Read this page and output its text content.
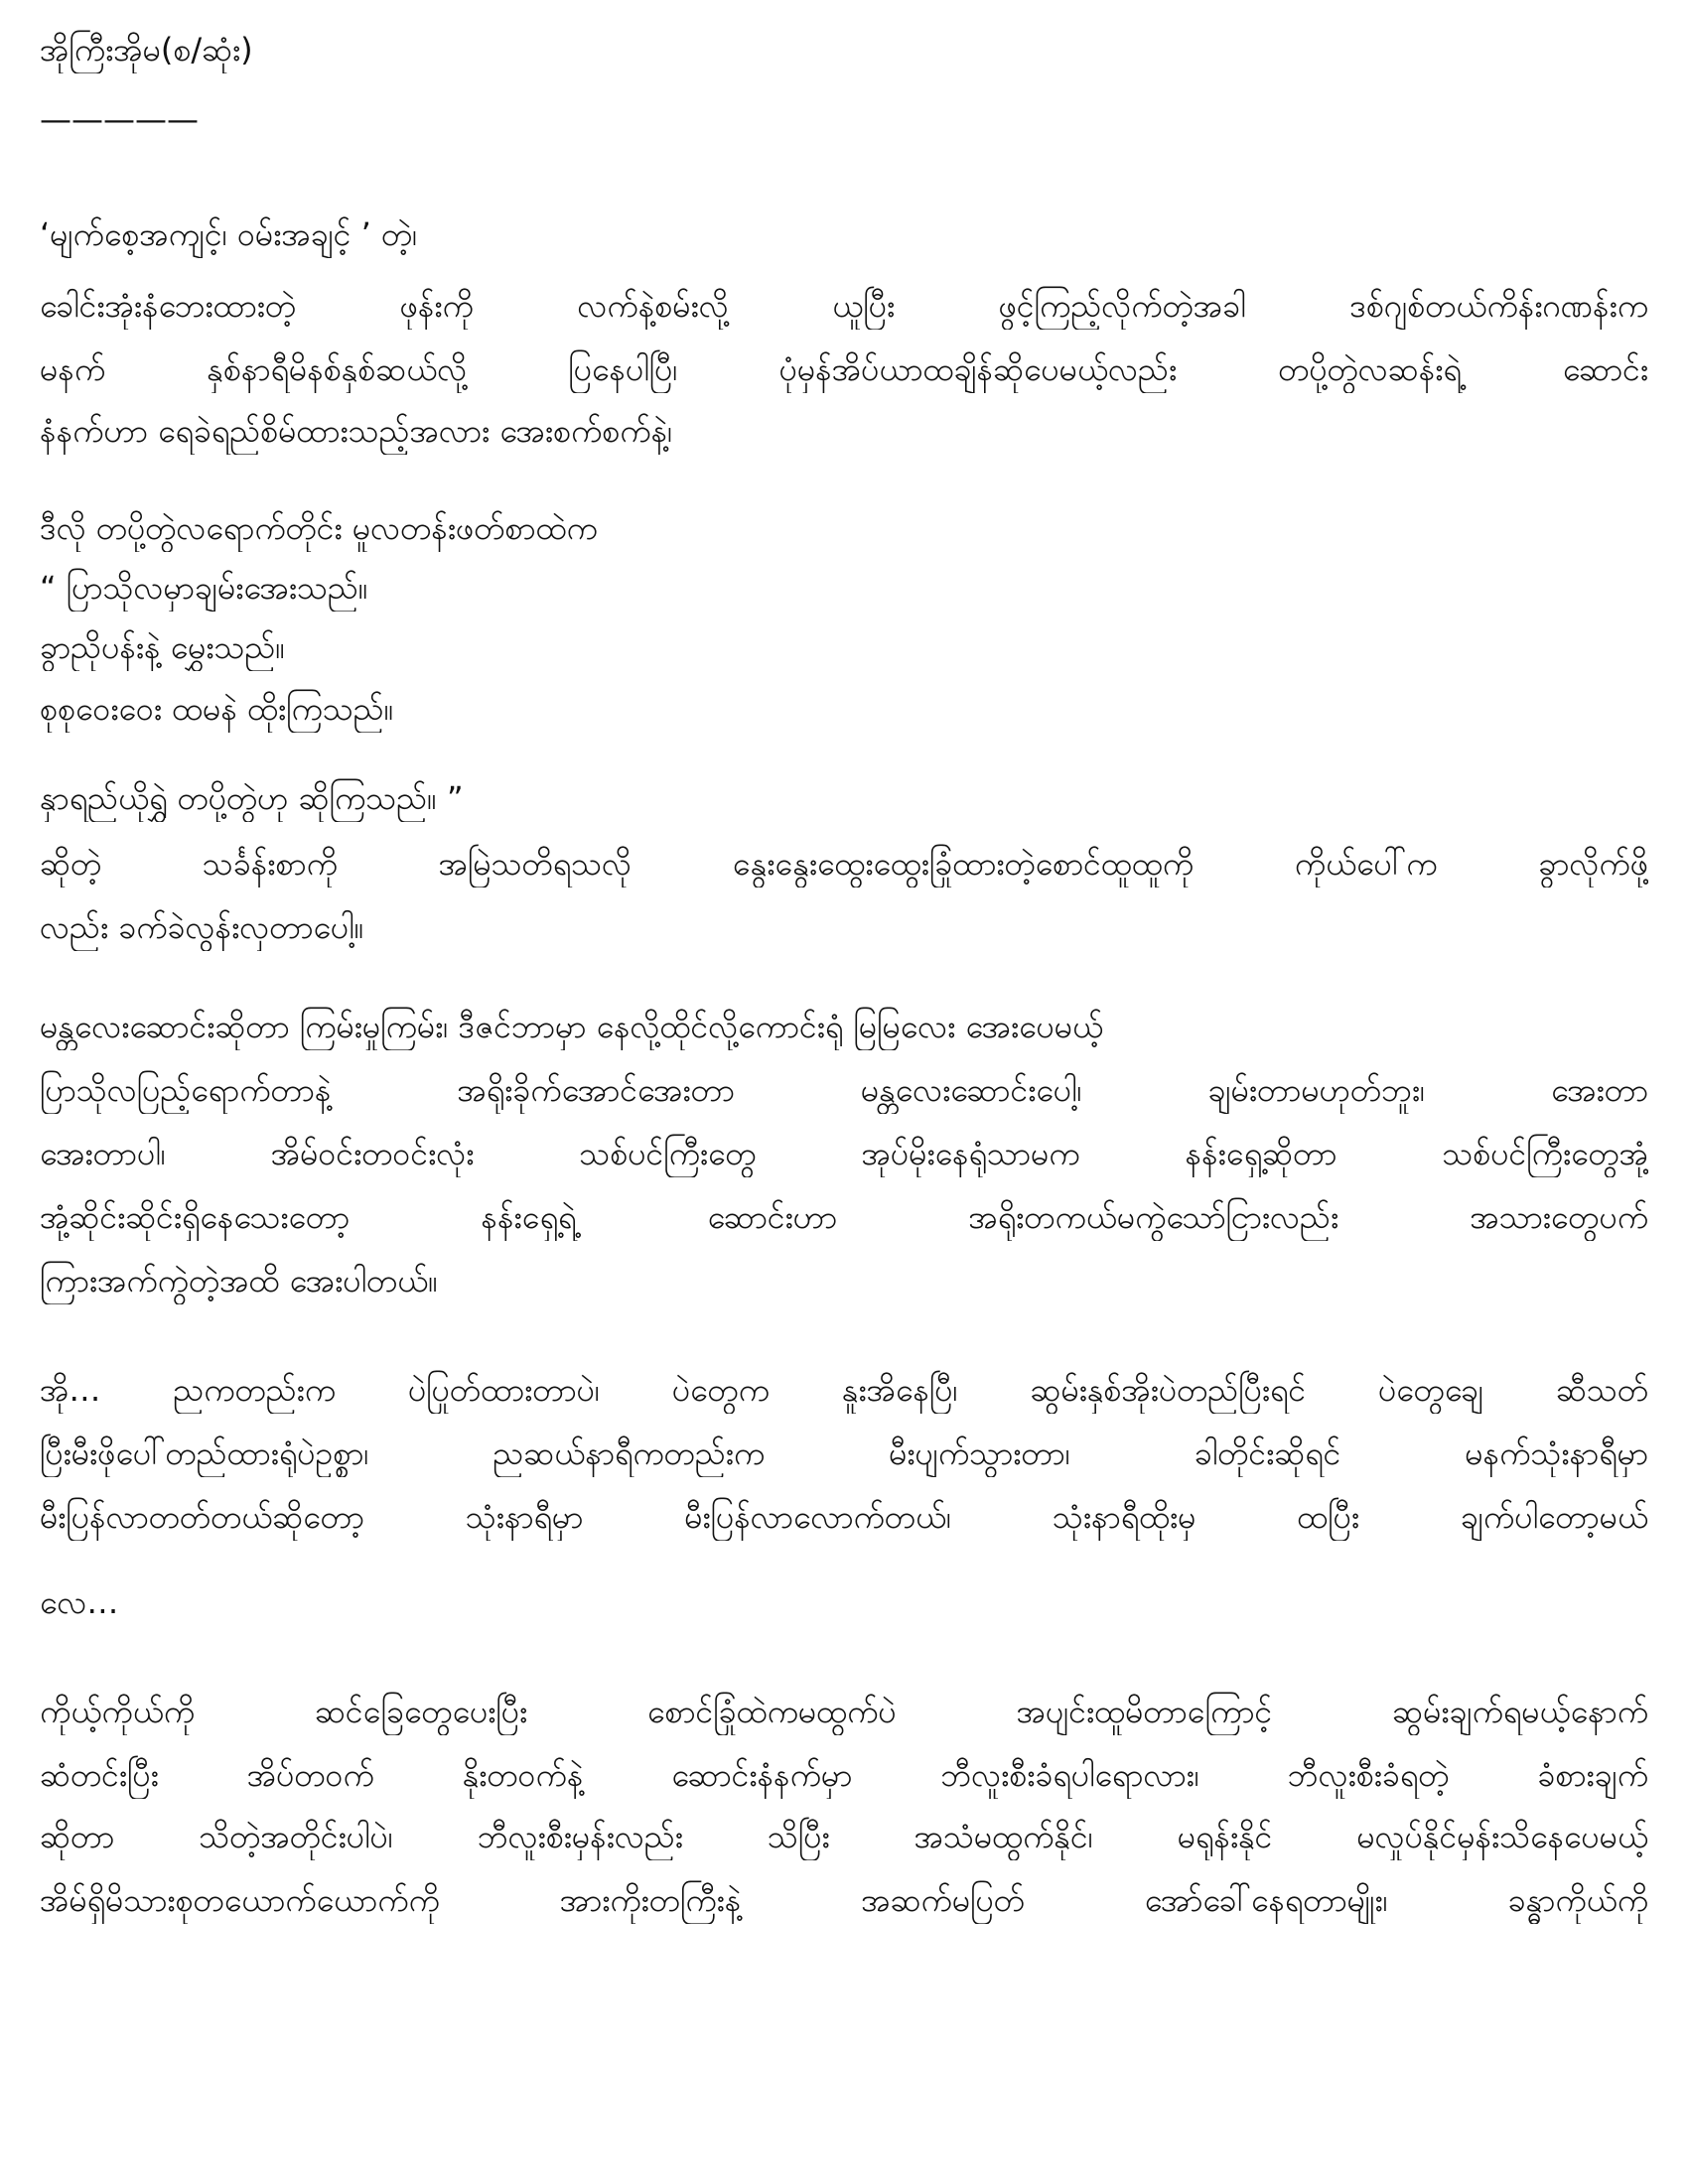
အိုကြီးအိုမ(စ/ဆုံး)
—————
‘မျက်စေ့အကျင့်၊ ဝမ်းအချင့် ’ တဲ့၊
ခေါင်းအုံးနံဘေးထားတဲ့ ဖုန်းကို လက်နဲ့စမ်းလို့ ယူပြီး ဖွင့်ကြည့်လိုက်တဲ့အခါ ဒစ်ဂျစ်တယ်ကိန်းဂဏန်းက
မနက် နှစ်နာရီမိနစ်နှစ်ဆယ်လို့ ပြနေပါပြီ၊ ပုံမှန်အိပ်ယာထချိန်ဆိုပေမယ့်လည်း တပို့တွဲလဆန်းရဲ့ ဆောင်း
နံနက်ဟာ ရေခဲရည်စိမ်ထားသည့်အလား အေးစက်စက်နဲ့၊
ဒီလို တပို့တွဲလရောက်တိုင်း မူလတန်းဖတ်စာထဲက
“ ပြာသိုလမှာချမ်းအေးသည်။
ခွာညိုပန်းနဲ့ မွှေးသည်။
စုစုဝေးဝေး ထမနဲ ထိုးကြသည်။
နှာရည်ယိုရွှဲ တပို့တွဲဟု ဆိုကြသည်။ ”
ဆိုတဲ့ သင်္ခန်းစာကို အမြဲသတိရသလို နွေးနွေးထွေးထွေးခြုံထားတဲ့စောင်ထူထူကို ကိုယ်ပေါ်က ခွာလိုက်ဖို့
လည်း ခက်ခဲလွန်းလှတာပေါ့။
မန္တလေးဆောင်းဆိုတာ ကြမ်းမှုကြမ်း၊ ဒီဇင်ဘာမှာ နေလို့ထိုင်လို့ကောင်းရုံ မြမြလေး အေးပေမယ့်
ပြာသိုလပြည့်ရောက်တာနဲ့ အရိုးခိုက်အောင်အေးတာ မန္တလေးဆောင်းပေါ့၊ ချမ်းတာမဟုတ်ဘူး၊ အေးတာ
အေးတာပါ၊ အိမ်ဝင်းတဝင်းလုံး သစ်ပင်ကြီးတွေ အုပ်မိုးနေရုံသာမက နန်းရှေ့ဆိုတာ သစ်ပင်ကြီးတွေအုံ့
အုံ့ဆိုင်းဆိုင်းရှိနေသေးတော့ နန်းရှေ့ရဲ့ ဆောင်းဟာ အရိုးတကယ်မကွဲသော်ငြားလည်း အသားတွေပက်
ကြားအက်ကွဲတဲ့အထိ အေးပါတယ်။
အို… ညကတည်းက ပဲပြုတ်ထားတာပဲ၊ ပဲတွေက နူးအိနေပြီ၊ ဆွမ်းနှစ်အိုးပဲတည်ပြီးရင် ပဲတွေချေ ဆီသတ်
ပြီးမီးဖိုပေါ်တည်ထားရုံပဲဥစ္စာ၊ ညဆယ်နာရီကတည်းက မီးပျက်သွားတာ၊ ခါတိုင်းဆိုရင် မနက်သုံးနာရီမှာ
မီးပြန်လာတတ်တယ်ဆိုတော့ သုံးနာရီမှာ မီးပြန်လာလောက်တယ်၊ သုံးနာရီထိုးမှ ထပြီး ချက်ပါတော့မယ်
လေ…
ကိုယ့်ကိုယ်ကို ဆင်ခြေတွေပေးပြီး စောင်ခြုံထဲကမထွက်ပဲ အပျင်းထူမိတာကြောင့် ဆွမ်းချက်ရမယ့်နောက်
ဆံတင်းပြီး အိပ်တဝက် နိုးတဝက်နဲ့ ဆောင်းနံနက်မှာ ဘီလူးစီးခံရပါရောလား၊ ဘီလူးစီးခံရတဲ့ ခံစားချက်
ဆိုတာ သိတဲ့အတိုင်းပါပဲ၊ ဘီလူးစီးမှန်းလည်း သိပြီး အသံမထွက်နိုင်၊ မရုန်းနိုင် မလှုပ်နိုင်မှန်းသိနေပေမယ့်
အိမ်ရှိမိသားစုတယောက်ယောက်ကို အားကိုးတကြီးနဲ့ အဆက်မပြတ် အော်ခေါ်နေရတာမျိုး၊ ခန္ဓာကိုယ်ကို
